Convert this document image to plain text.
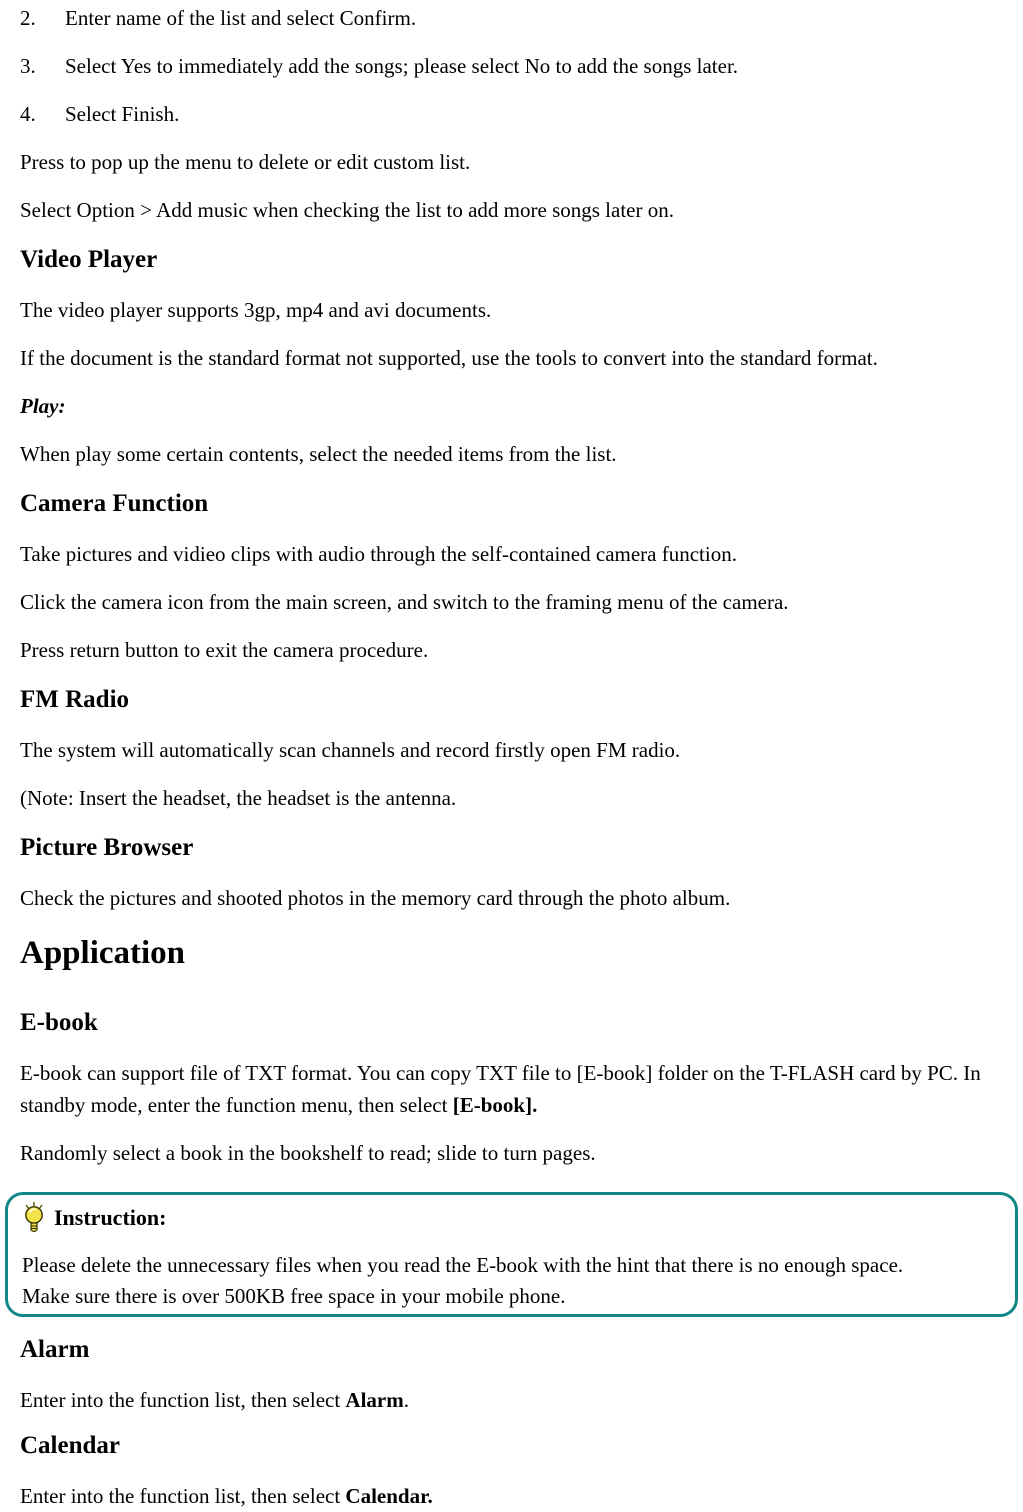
2.	Enter name of the list and select Confirm.
3.	Select Yes to immediately add the songs; please select No to add the songs later.
4.	Select Finish.

Press to pop up the menu to delete or edit custom list.

Select Option > Add music when checking the list to add more songs later on.

Video Player

The video player supports 3gp, mp4 and avi documents.

If the document is the standard format not supported, use the tools to convert into the standard format.

Play:

When play some certain contents, select the needed items from the list.

Camera Function

Take pictures and vidieo clips with audio through the self-contained camera function.

Click the camera icon from the main screen, and switch to the framing menu of the camera.

Press return button to exit the camera procedure.

FM Radio

The system will automatically scan channels and record firstly open FM radio.

(Note: Insert the headset, the headset is the antenna.

Picture Browser

Check the pictures and shooted photos in the memory card through the photo album.

Application
E-book

E-book can support file of TXT format. You can copy TXT file to [E-book] folder on the T-FLASH card by PC. In
standby mode, enter the function menu, then select [E-book].

Randomly select a book in the bookshelf to read; slide to turn pages.

Instruction:

Please delete the unnecessary files when you read the E-book with the hint that there is no enough space.

Make sure there is over 500KB free space in your mobile phone.

Alarm

Enter into the function list, then select Alarm.

Calendar

Enter into the function list, then select Calendar.
